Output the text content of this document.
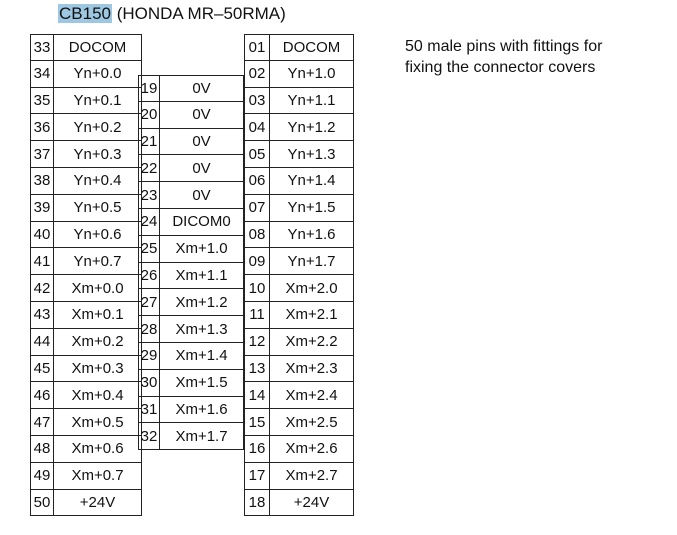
CB150 (HONDA MR–50RMA)
50 male pins with fittings for
fixing the connector covers
33	DOCOM
34	Yn+0.0
35	Yn+0.1
36	Yn+0.2
37	Yn+0.3
38	Yn+0.4
39	Yn+0.5
40	Yn+0.6
41	Yn+0.7
42	Xm+0.0
43	Xm+0.1
44	Xm+0.2
45	Xm+0.3
46	Xm+0.4
47	Xm+0.5
48	Xm+0.6
49	Xm+0.7
50	+24V
19	0V
20	0V
21	0V
22	0V
23	0V
24 DICOM0
25	Xm+1.0
26	Xm+1.1
27	Xm+1.2
28	Xm+1.3
29	Xm+1.4
30	Xm+1.5
31	Xm+1.6
32	Xm+1.7
01	DOCOM
02	Yn+1.0
03	Yn+1.1
04	Yn+1.2
05	Yn+1.3
06	Yn+1.4
07	Yn+1.5
08	Yn+1.6
09	Yn+1.7
10	Xm+2.0
11	Xm+2.1
12	Xm+2.2
13	Xm+2.3
14	Xm+2.4
15	Xm+2.5
16	Xm+2.6
17	Xm+2.7
18	+24V
